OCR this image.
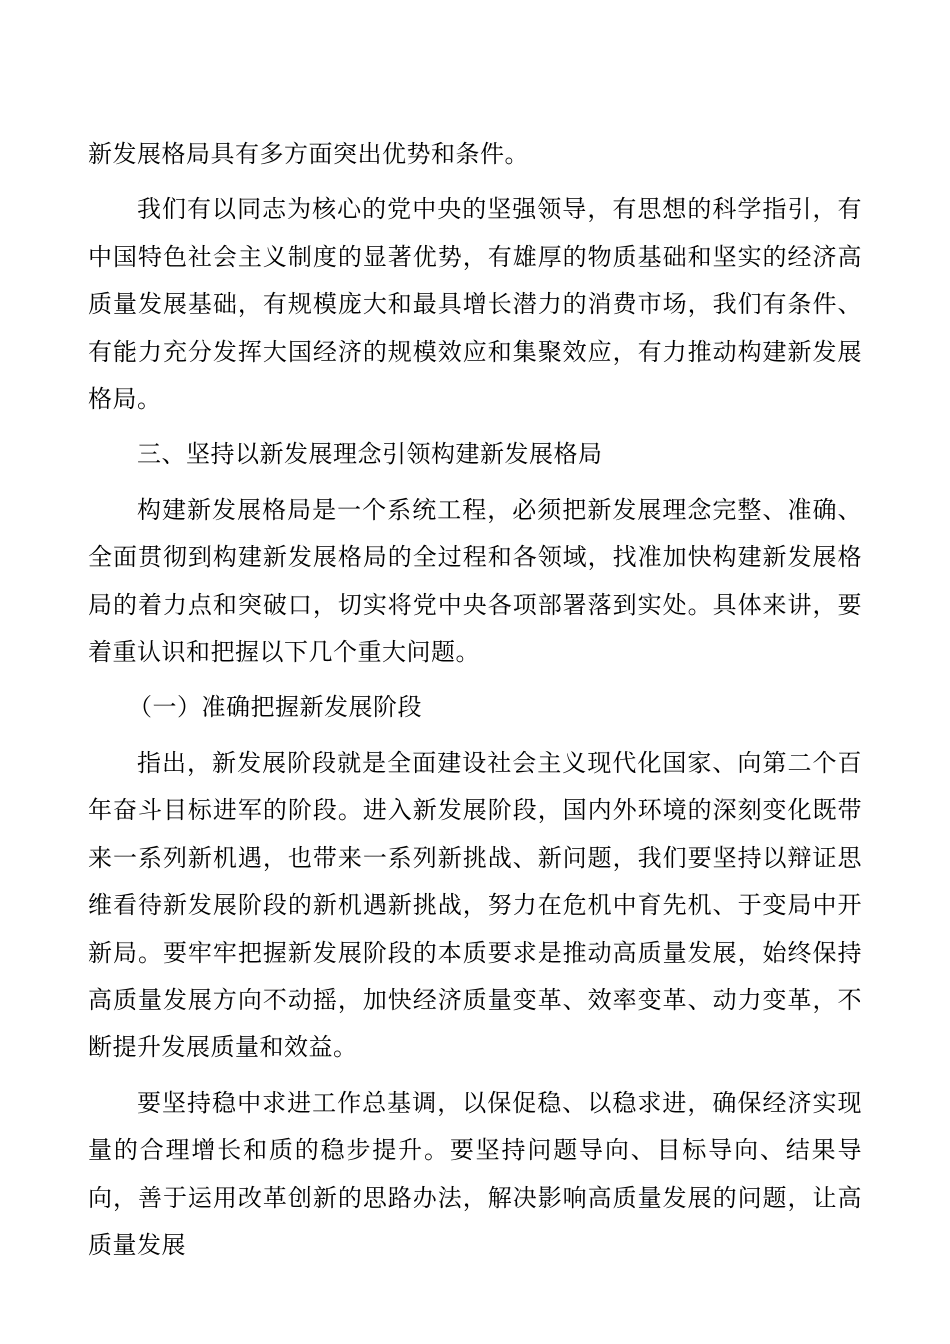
新发展格局具有多方面突出优势和条件。

我们有以同志为核心的党中央的坚强领导，有思想的科学指引，有中国特色社会主义制度的显著优势，有雄厚的物质基础和坚实的经济高质量发展基础，有规模庞大和最具增长潜力的消费市场，我们有条件、有能力充分发挥大国经济的规模效应和集聚效应，有力推动构建新发展格局。

三、坚持以新发展理念引领构建新发展格局

构建新发展格局是一个系统工程，必须把新发展理念完整、准确、全面贯彻到构建新发展格局的全过程和各领域，找准加快构建新发展格局的着力点和突破口，切实将党中央各项部署落到实处。具体来讲，要着重认识和把握以下几个重大问题。

（一）准确把握新发展阶段

指出，新发展阶段就是全面建设社会主义现代化国家、向第二个百年奋斗目标进军的阶段。进入新发展阶段，国内外环境的深刻变化既带来一系列新机遇，也带来一系列新挑战、新问题，我们要坚持以辩证思维看待新发展阶段的新机遇新挑战，努力在危机中育先机、于变局中开新局。要牢牢把握新发展阶段的本质要求是推动高质量发展，始终保持高质量发展方向不动摇，加快经济质量变革、效率变革、动力变革，不断提升发展质量和效益。

要坚持稳中求进工作总基调，以保促稳、以稳求进，确保经济实现量的合理增长和质的稳步提升。要坚持问题导向、目标导向、结果导向，善于运用改革创新的思路办法，解决影响高质量发展的问题，让高质量发展
